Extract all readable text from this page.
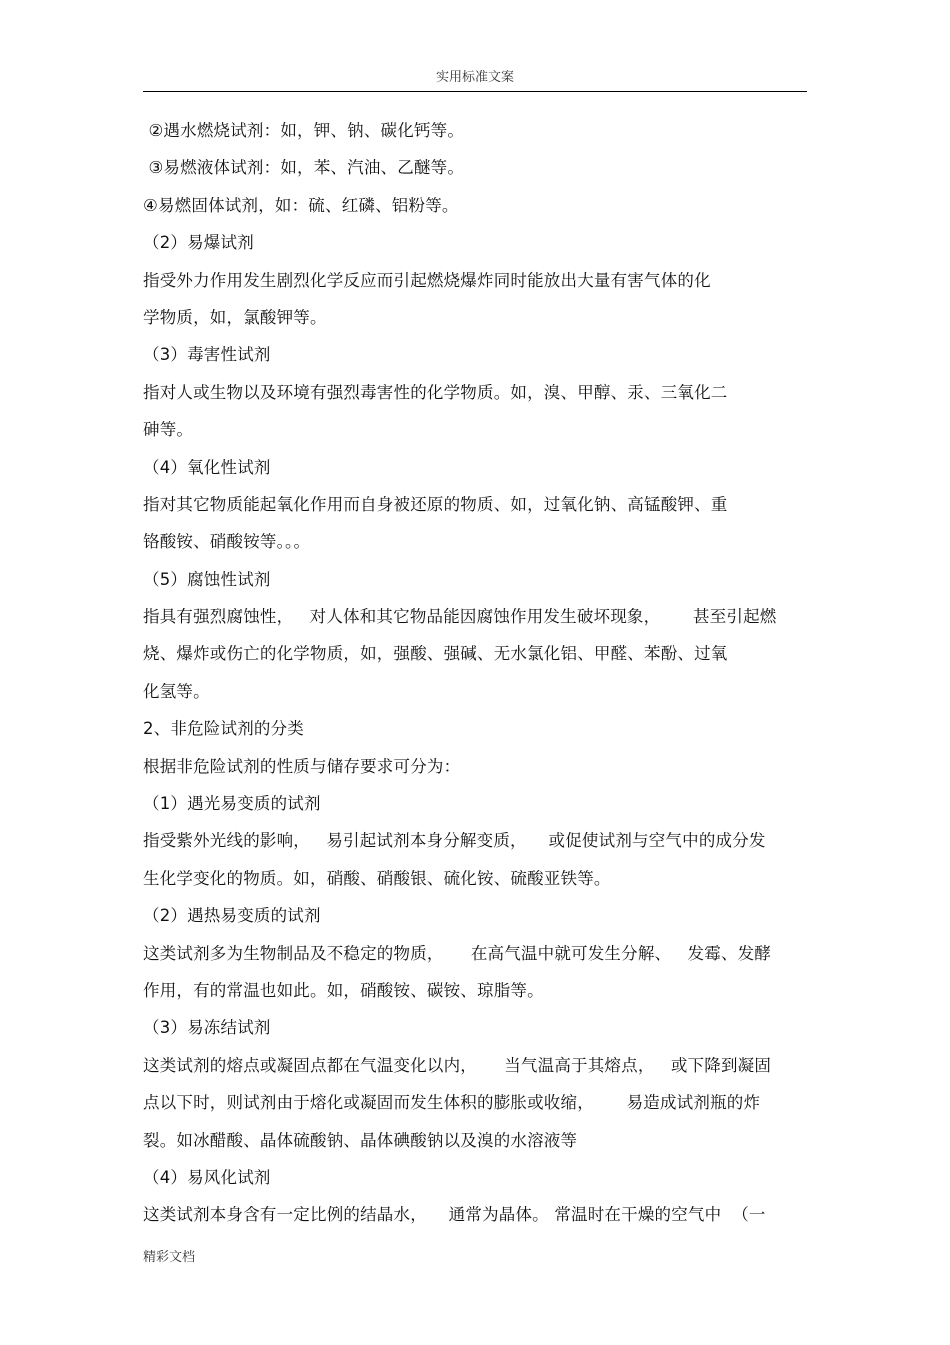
实用标准文案
②遇水燃烧试剂：如，钾、钠、碳化钙等。
③易燃液体试剂：如，苯、汽油、乙醚等。
④易燃固体试剂，如：硫、红磷、铝粉等。
（2）易爆试剂
指受外力作用发生剧烈化学反应而引起燃烧爆炸同时能放出大量有害气体的化
学物质，如，氯酸钾等。
（3）毒害性试剂
指对人或生物以及环境有强烈毒害性的化学物质。如，溴、甲醇、汞、三氧化二
砷等。
（4）氧化性试剂
指对其它物质能起氧化作用而自身被还原的物质、如，过氧化钠、高锰酸钾、重
铬酸铵、硝酸铵等。。。
（5）腐蚀性试剂
指具有强烈腐蚀性，   对人体和其它物品能因腐蚀作用发生破坏现象，      甚至引起燃
烧、爆炸或伤亡的化学物质，如，强酸、强碱、无水氯化铝、甲醛、苯酚、过氧
化氢等。
2、非危险试剂的分类
根据非危险试剂的性质与储存要求可分为：
（1）遇光易变质的试剂
指受紫外光线的影响，   易引起试剂本身分解变质，    或促使试剂与空气中的成分发
生化学变化的物质。如，硝酸、硝酸银、硫化铵、硫酸亚铁等。
（2）遇热易变质的试剂
这类试剂多为生物制品及不稳定的物质，     在高气温中就可发生分解、   发霉、发酵
作用，有的常温也如此。如，硝酸铵、碳铵、琼脂等。
（3）易冻结试剂
这类试剂的熔点或凝固点都在气温变化以内，     当气温高于其熔点，   或下降到凝固
点以下时，则试剂由于熔化或凝固而发生体积的膨胀或收缩，      易造成试剂瓶的炸
裂。如冰醋酸、晶体硫酸钠、晶体碘酸钠以及溴的水溶液等
（4）易风化试剂
这类试剂本身含有一定比例的结晶水，    通常为晶体。 常温时在干燥的空气中  （一
精彩文档
